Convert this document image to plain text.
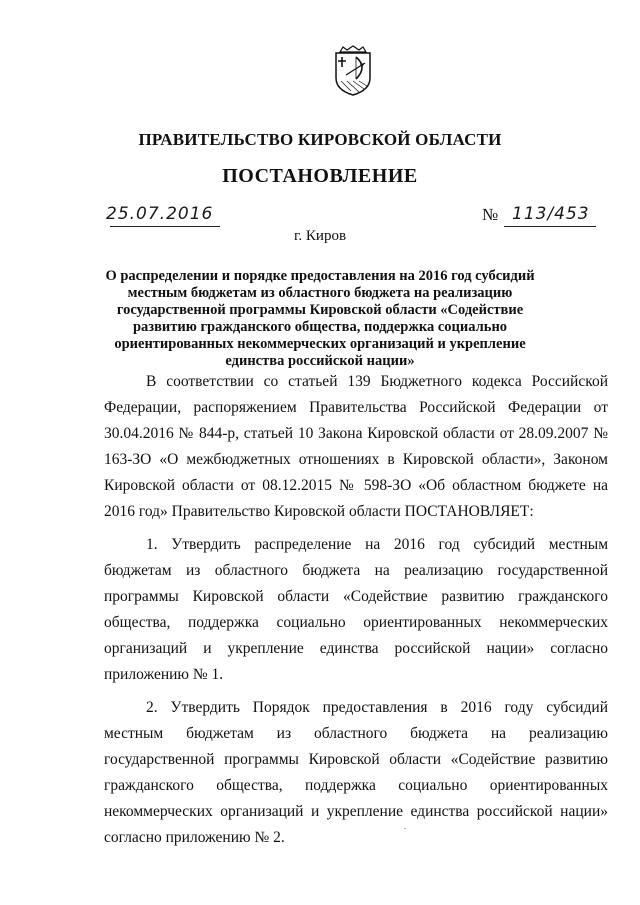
ПРАВИТЕЛЬСТВО КИРОВСКОЙ ОБЛАСТИ
ПОСТАНОВЛЕНИЕ
25.07.2016	№ 113/453
г. Киров
О распределении и порядке предоставления на 2016 год субсидий местным бюджетам из областного бюджета на реализацию государственной программы Кировской области «Содействие развитию гражданского общества, поддержка социально ориентированных некоммерческих организаций и укрепление единства российской нации»

В соответствии со статьей 139 Бюджетного кодекса Российской Федерации, распоряжением Правительства Российской Федерации от 30.04.2016 № 844-р, статьей 10 Закона Кировской области от 28.09.2007 № 163-ЗО «О межбюджетных отношениях в Кировской области», Законом Кировской области от 08.12.2015 № 598-ЗО «Об областном бюджете на 2016 год» Правительство Кировской области ПОСТАНОВЛЯЕТ:

1. Утвердить распределение на 2016 год субсидий местным бюджетам из областного бюджета на реализацию государственной программы Кировской области «Содействие развитию гражданского общества, поддержка социально ориентированных некоммерческих организаций и укрепление единства российской нации» согласно приложению № 1.

2. Утвердить Порядок предоставления в 2016 году субсидий местным бюджетам из областного бюджета на реализацию государственной программы Кировской области «Содействие развитию гражданского общества, поддержка социально ориентированных некоммерческих организаций и укрепление единства российской нации» согласно приложению № 2.
